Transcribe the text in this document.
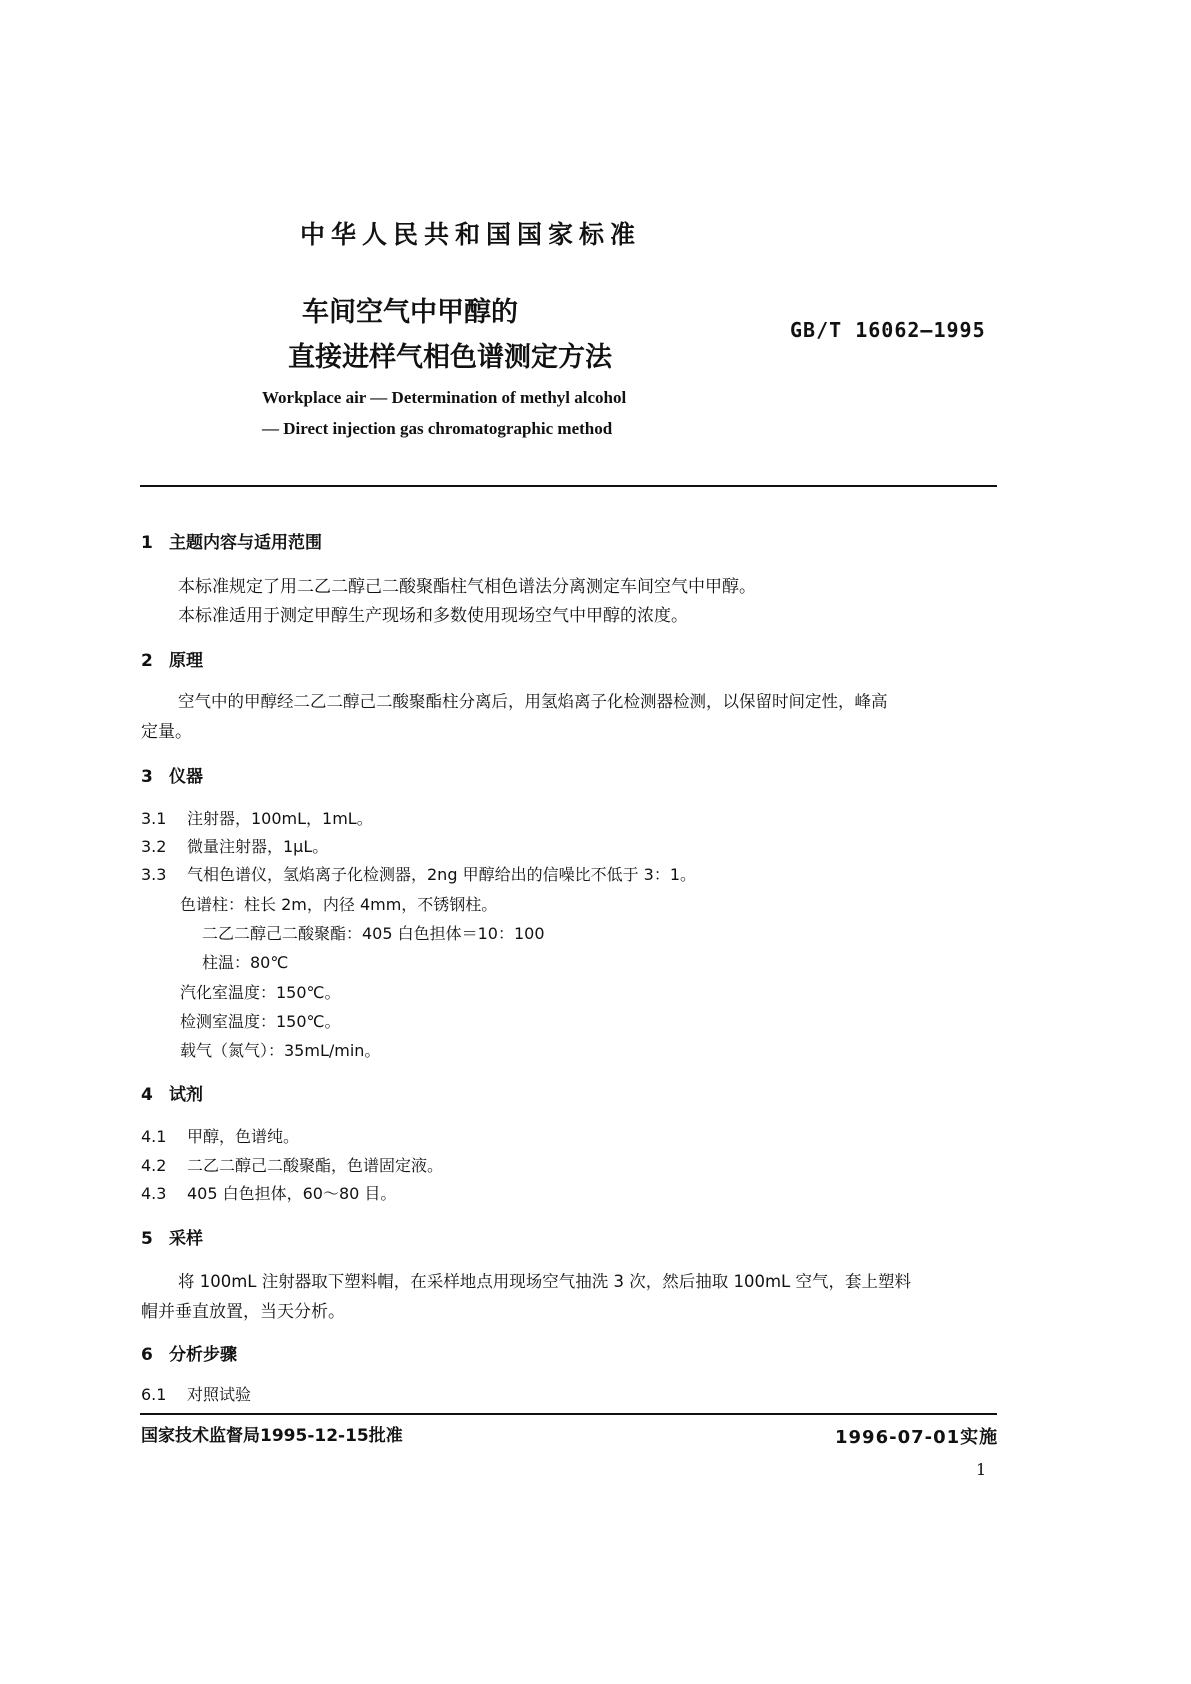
中华人民共和国国家标准
车间空气中甲醇的
直接进样气相色谱测定方法
GB/T 16062—1995
Workplace air — Determination of methyl alcohol
— Direct injection gas chromatographic method
1 主题内容与适用范围
本标准规定了用二乙二醇己二酸聚酯柱气相色谱法分离测定车间空气中甲醇。
本标准适用于测定甲醇生产现场和多数使用现场空气中甲醇的浓度。
2 原理
空气中的甲醇经二乙二醇己二酸聚酯柱分离后，用氢焰离子化检测器检测，以保留时间定性，峰高
定量。
3 仪器
3.1 注射器，100mL，1mL。
3.2 微量注射器，1μL。
3.3 气相色谱仪，氢焰离子化检测器，2ng 甲醇给出的信噪比不低于 3：1。
色谱柱：柱长 2m，内径 4mm，不锈钢柱。
二乙二醇己二酸聚酯：405 白色担体＝10：100
柱温：80℃
汽化室温度：150℃。
检测室温度：150℃。
载气（氮气）：35mL/min。
4 试剂
4.1 甲醇，色谱纯。
4.2 二乙二醇己二酸聚酯，色谱固定液。
4.3 405 白色担体，60～80 目。
5 采样
将 100mL 注射器取下塑料帽，在采样地点用现场空气抽洗 3 次，然后抽取 100mL 空气，套上塑料
帽并垂直放置，当天分析。
6 分析步骤
6.1 对照试验
国家技术监督局1995-12-15批准	1996-07-01实施
1
